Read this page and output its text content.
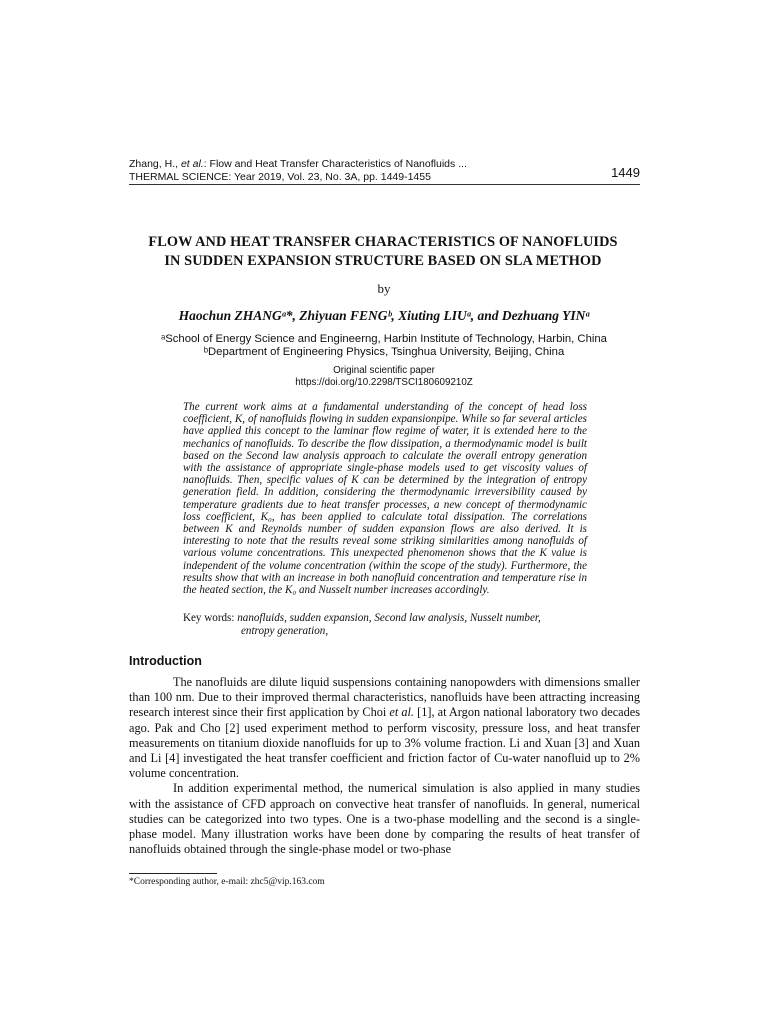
Zhang, H., et al.: Flow and Heat Transfer Characteristics of Nanofluids ...
THERMAL SCIENCE: Year 2019, Vol. 23, No. 3A, pp. 1449-1455	1449
FLOW AND HEAT TRANSFER CHARACTERISTICS OF NANOFLUIDS
IN SUDDEN EXPANSION STRUCTURE BASED ON SLA METHOD
by
Haochun ZHANGᵃ*, Zhiyuan FENGᵇ, Xiuting LIUᵃ, and Dezhuang YINᵃ
ᵃSchool of Energy Science and Engineerng, Harbin Institute of Technology, Harbin, China
ᵇDepartment of Engineering Physics, Tsinghua University, Beijing, China
Original scientific paper
https://doi.org/10.2298/TSCI180609210Z
The current work aims at a fundamental understanding of the concept of head loss coefficient, K, of nanofluids flowing in sudden expansionpipe. While so far several articles have applied this concept to the laminar flow regime of water, it is extended here to the mechanics of nanofluids. To describe the flow dissipation, a thermodynamic model is built based on the Second law analysis approach to calculate the overall entropy generation with the assistance of appropriate single-phase models used to get viscosity values of nanofluids. Then, specific values of K can be determined by the integration of entropy generation field. In addition, considering the thermodynamic irreversibility caused by temperature gradients due to heat transfer processes, a new concept of thermodynamic loss coefficient, K₀, has been applied to calculate total dissipation. The correlations between K and Reynolds number of sudden expansion flows are also derived. It is interesting to note that the results reveal some striking similarities among nanofluids of various volume concentrations. This unexpected phenomenon shows that the K value is independent of the volume concentration (within the scope of the study). Furthermore, the results show that with an increase in both nanofluid concentration and temperature rise in the heated section, the K₀ and Nusselt number increases accordingly.
Key words: nanofluids, sudden expansion, Second law analysis, Nusselt number,
entropy generation,
Introduction

The nanofluids are dilute liquid suspensions containing nanopowders with dimensions smaller than 100 nm. Due to their improved thermal characteristics, nanofluids have been attracting increasing research interest since their first application by Choi et al. [1], at Argon national laboratory two decades ago. Pak and Cho [2] used experiment method to perform viscosity, pressure loss, and heat transfer measurements on titanium dioxide nanofluids for up to 3% volume fraction. Li and Xuan [3] and Xuan and Li [4] investigated the heat transfer coefficient and friction factor of Cu-water nanofluid up to 2% volume concentration.

In addition experimental method, the numerical simulation is also applied in many studies with the assistance of CFD approach on convective heat transfer of nanofluids. In general, numerical studies can be categorized into two types. One is a two-phase modelling and the second is a single-phase model. Many illustration works have been done by comparing the results of heat transfer of nanofluids obtained through the single-phase model or two-phase

*Corresponding author, e-mail: zhc5@vip.163.com
